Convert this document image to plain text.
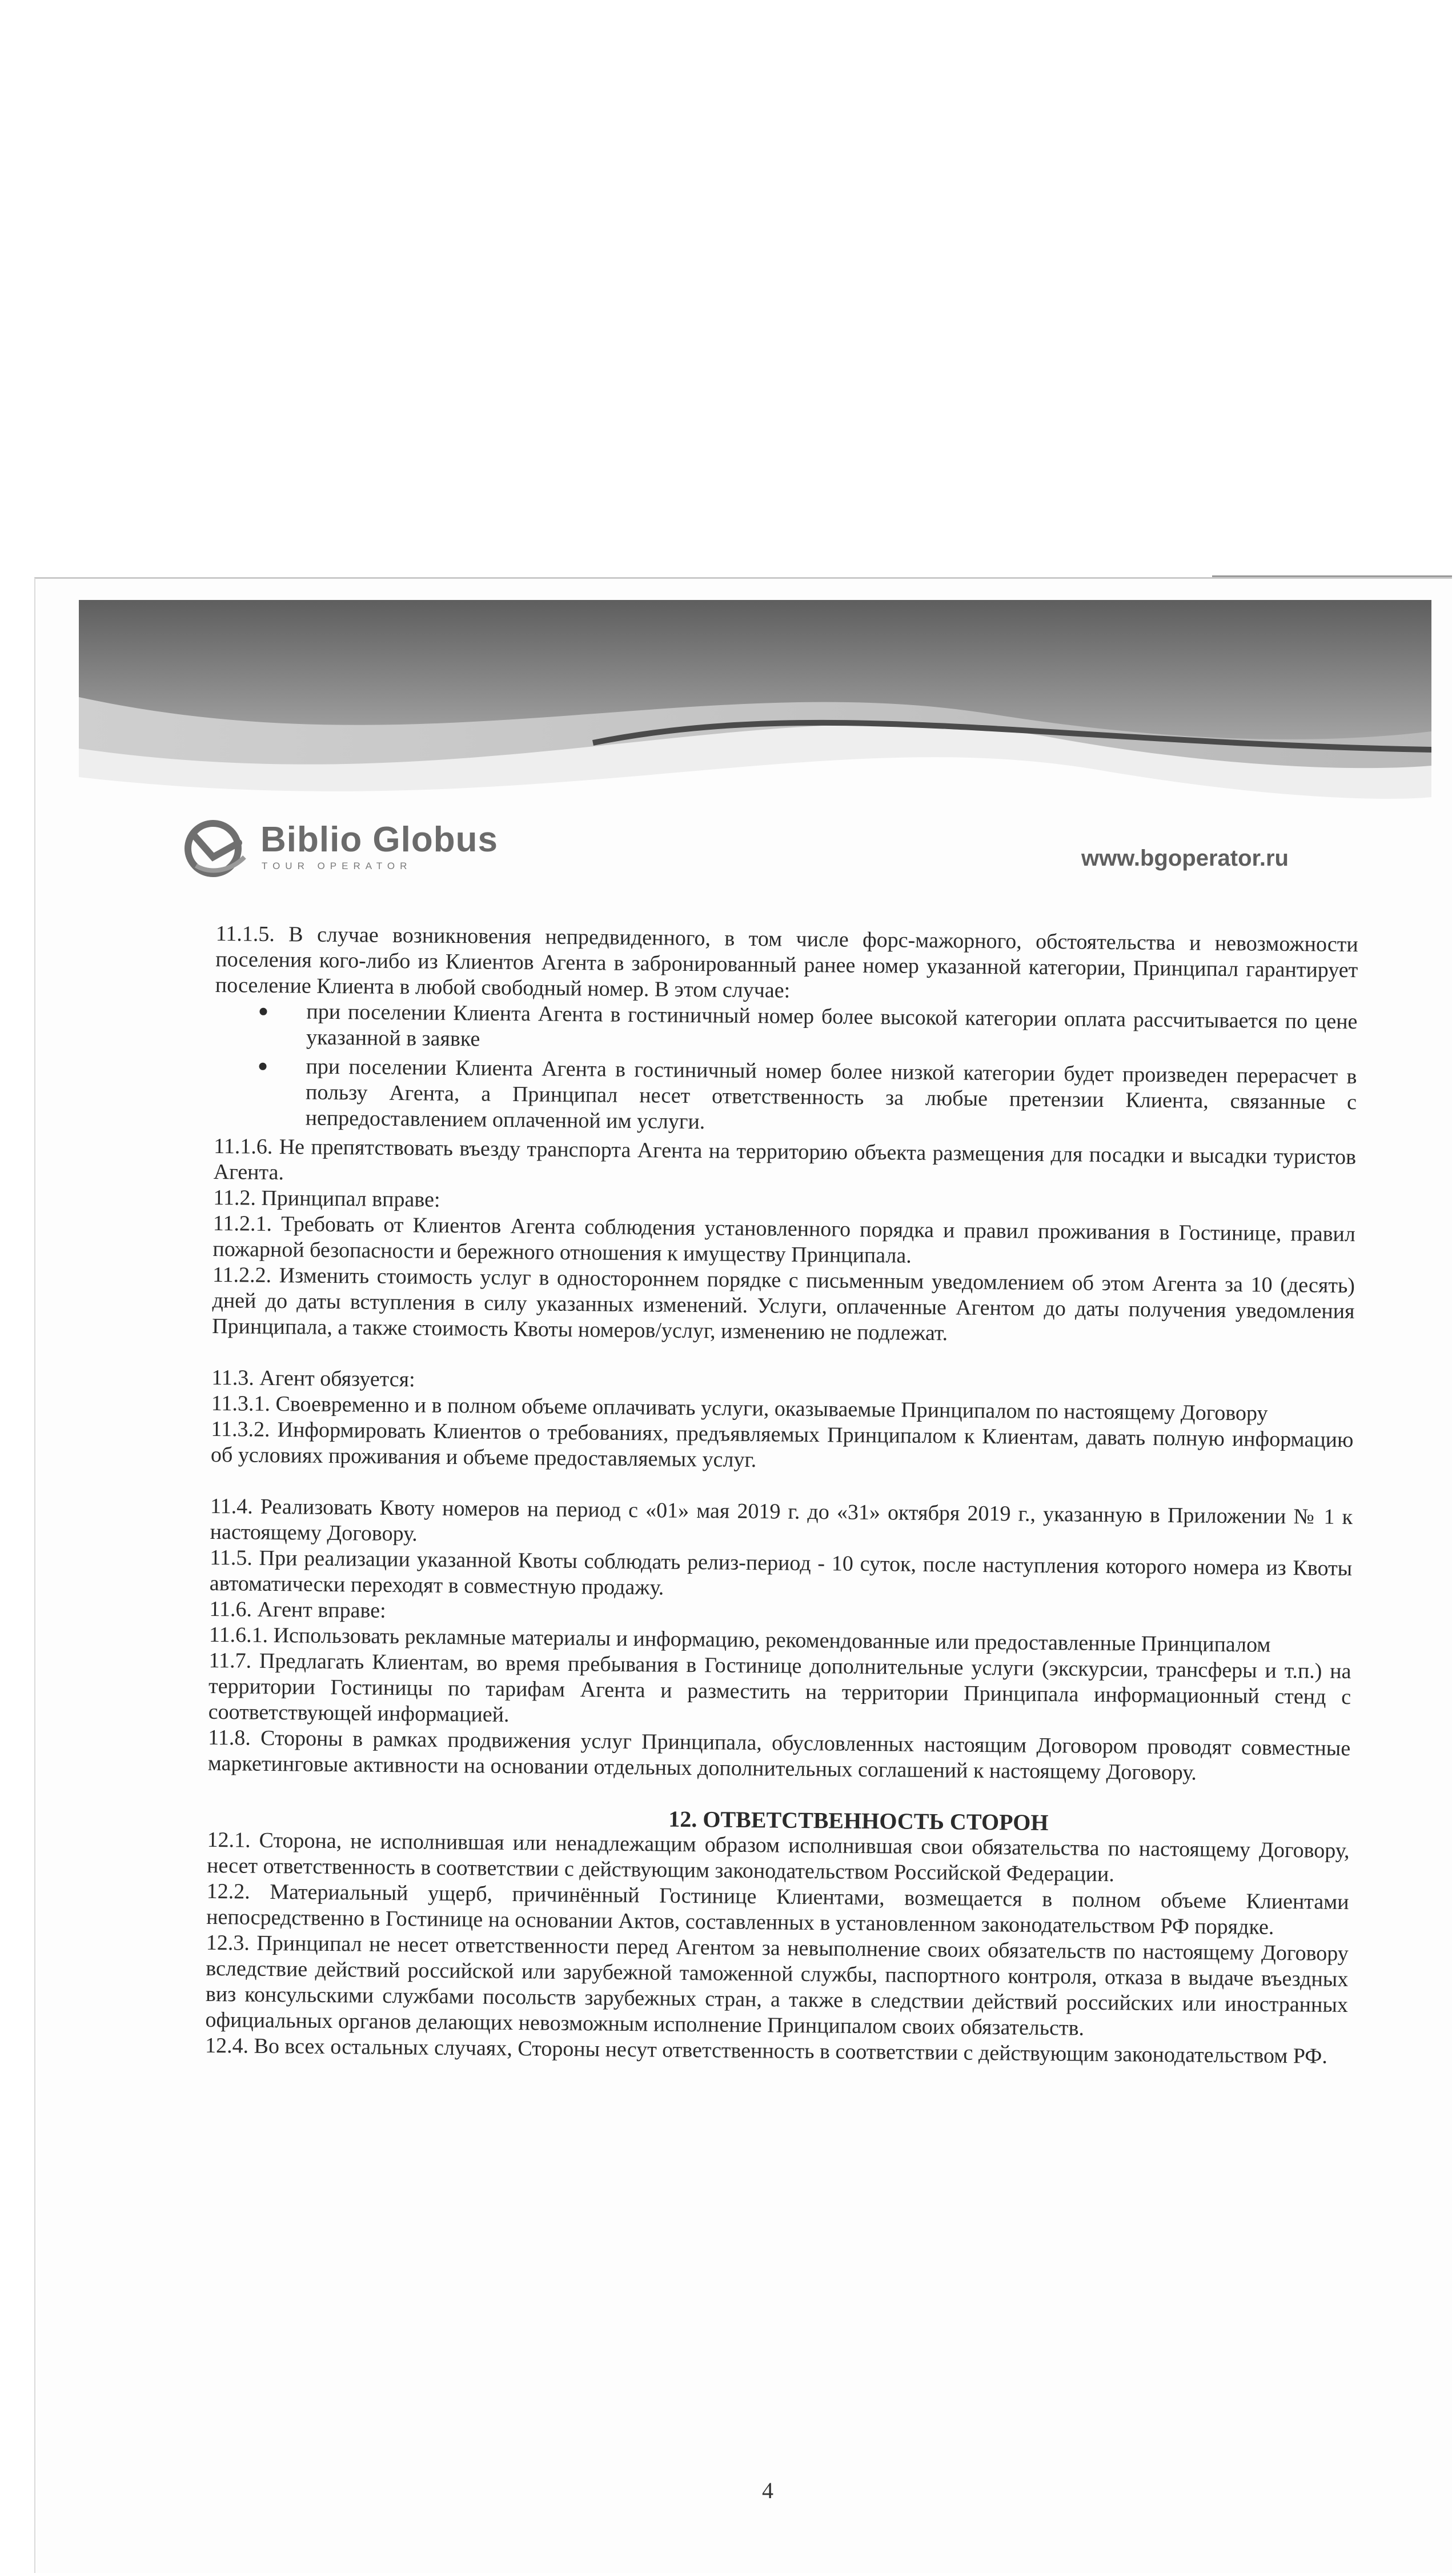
Biblio Globus
TOUR OPERATOR	www.bgoperator.ru

11.1.5. В случае возникновения непредвиденного, в том числе форс-мажорного, обстоятельства и невозможности поселения кого-либо из Клиентов Агента в забронированный ранее номер указанной категории, Принципал гарантирует поселение Клиента в любой свободный номер. В этом случае:

при поселении Клиента Агента в гостиничный номер более высокой категории оплата рассчитывается по цене указанной в заявке
при поселении Клиента Агента в гостиничный номер более низкой категории будет произведен перерасчет в пользу Агента, а Принципал несет ответственность за любые претензии Клиента, связанные с непредоставлением оплаченной им услуги.

11.1.6. Не препятствовать въезду транспорта Агента на территорию объекта размещения для посадки и высадки туристов Агента.

11.2. Принципал вправе:

11.2.1. Требовать от Клиентов Агента соблюдения установленного порядка и правил проживания в Гостинице, правил пожарной безопасности и бережного отношения к имуществу Принципала.

11.2.2. Изменить стоимость услуг в одностороннем порядке с письменным уведомлением об этом Агента за 10 (десять) дней до даты вступления в силу указанных изменений. Услуги, оплаченные Агентом до даты получения уведомления Принципала, а также стоимость Квоты номеров/услуг, изменению не подлежат.

11.3. Агент обязуется:

11.3.1. Своевременно и в полном объеме оплачивать услуги, оказываемые Принципалом по настоящему Договору

11.3.2. Информировать Клиентов о требованиях, предъявляемых Принципалом к Клиентам, давать полную информацию об условиях проживания и объеме предоставляемых услуг.

11.4. Реализовать Квоту номеров на период с «01» мая 2019 г. до «31» октября 2019 г., указанную в Приложении № 1 к настоящему Договору.

11.5. При реализации указанной Квоты соблюдать релиз-период - 10 суток, после наступления которого номера из Квоты автоматически переходят в совместную продажу.

11.6. Агент вправе:

11.6.1. Использовать рекламные материалы и информацию, рекомендованные или предоставленные Принципалом

11.7. Предлагать Клиентам, во время пребывания в Гостинице дополнительные услуги (экскурсии, трансферы и т.п.) на территории Гостиницы по тарифам Агента и разместить на территории Принципала информационный стенд с соответствующей информацией.

11.8. Стороны в рамках продвижения услуг Принципала, обусловленных настоящим Договором проводят совместные маркетинговые активности на основании отдельных дополнительных соглашений к настоящему Договору.

12. ОТВЕТСТВЕННОСТЬ СТОРОН

12.1. Сторона, не исполнившая или ненадлежащим образом исполнившая свои обязательства по настоящему Договору, несет ответственность в соответствии с действующим законодательством Российской Федерации.

12.2. Материальный ущерб, причинённый Гостинице Клиентами, возмещается в полном объеме Клиентами непосредственно в Гостинице на основании Актов, составленных в установленном законодательством РФ порядке.

12.3. Принципал не несет ответственности перед Агентом за невыполнение своих обязательств по настоящему Договору вследствие действий российской или зарубежной таможенной службы, паспортного контроля, отказа в выдаче въездных виз консульскими службами посольств зарубежных стран, а также в следствии действий российских или иностранных официальных органов делающих невозможным исполнение Принципалом своих обязательств.

12.4. Во всех остальных случаях, Стороны несут ответственность в соответствии с действующим законодательством РФ.

4
